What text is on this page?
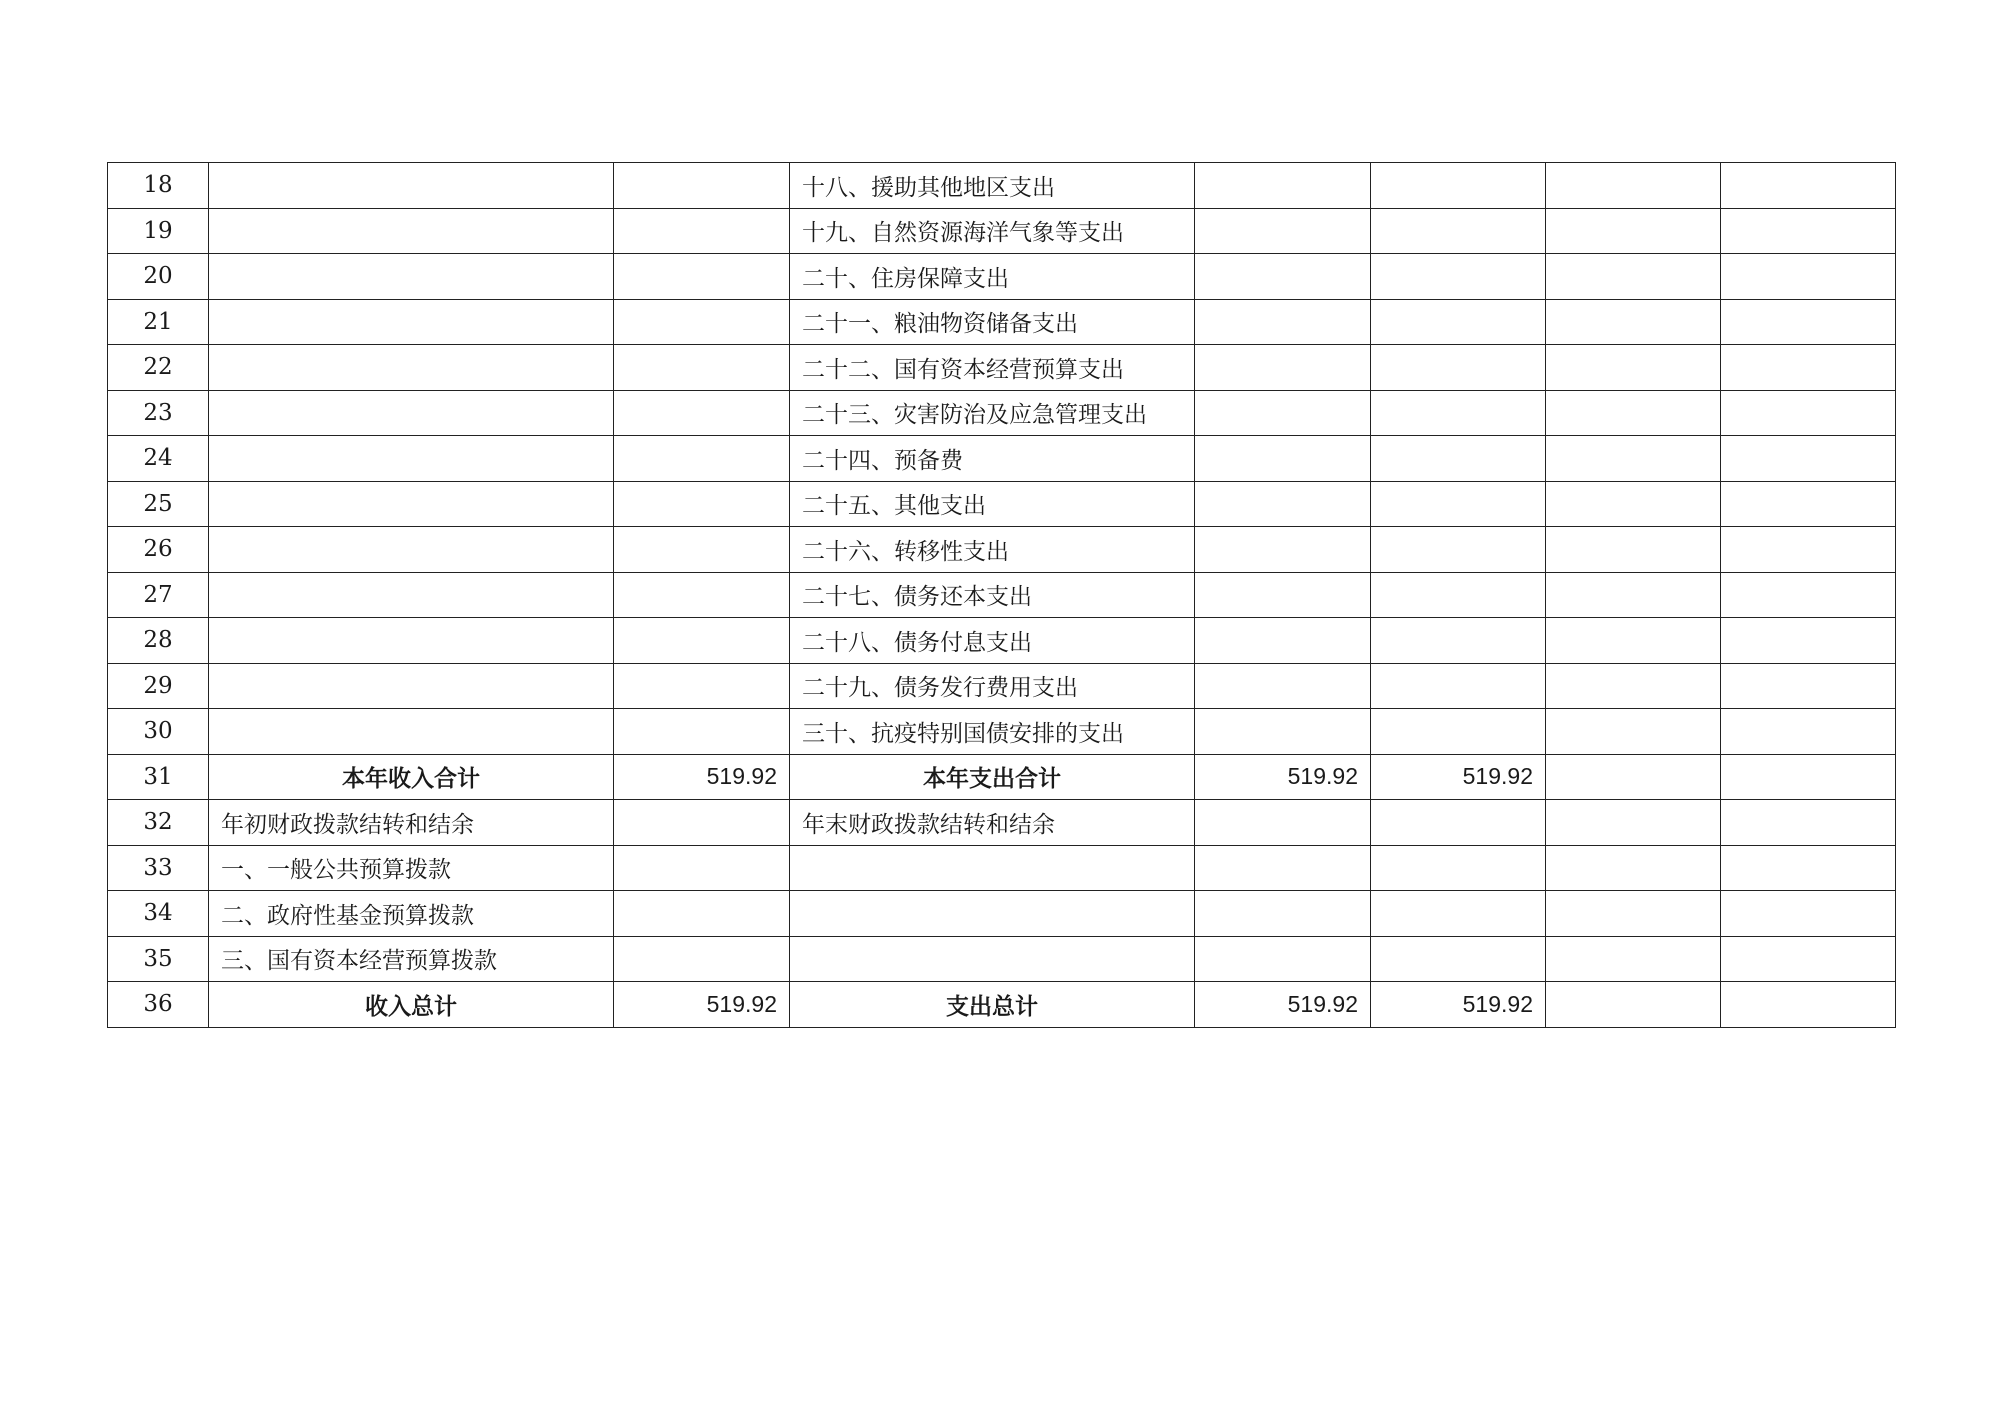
18			十八、援助其他地区支出				
19			十九、自然资源海洋气象等支出				
20			二十、住房保障支出				
21			二十一、粮油物资储备支出				
22			二十二、国有资本经营预算支出				
23			二十三、灾害防治及应急管理支出				
24			二十四、预备费				
25			二十五、其他支出				
26			二十六、转移性支出				
27			二十七、债务还本支出				
28			二十八、债务付息支出				
29			二十九、债务发行费用支出				
30			三十、抗疫特别国债安排的支出				
31	本年收入合计	519.92	本年支出合计	519.92	519.92		
32	年初财政拨款结转和结余		年末财政拨款结转和结余				
33	一、一般公共预算拨款						
34	二、政府性基金预算拨款						
35	三、国有资本经营预算拨款						
36	收入总计	519.92	支出总计	519.92	519.92		
